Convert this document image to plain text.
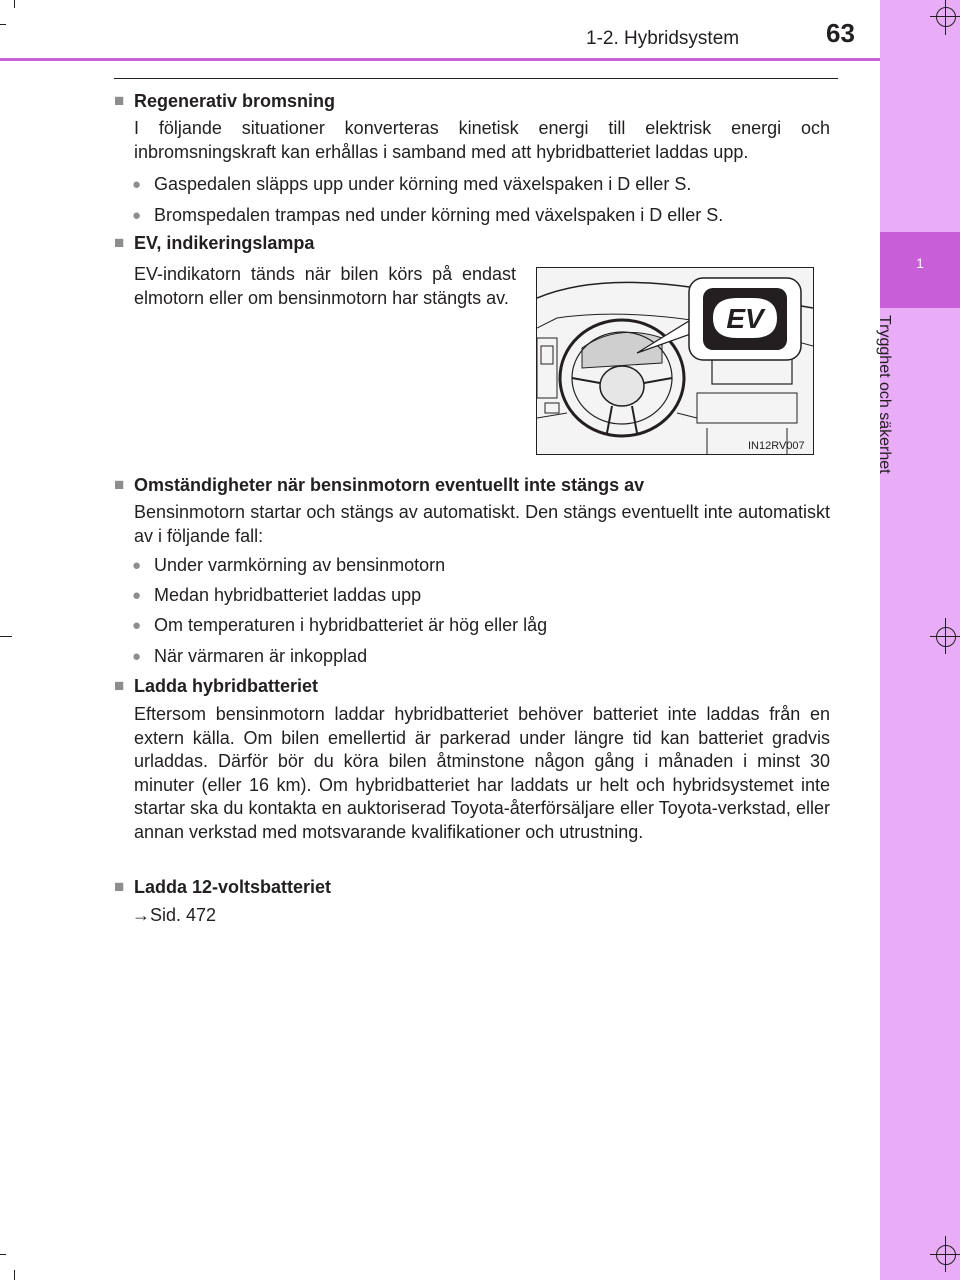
1
Trygghet och säkerhet
1-2. Hybridsystem	63
■ Regenerativ bromsning
I följande situationer konverteras kinetisk energi till elektrisk energi och inbromsningskraft kan erhållas i samband med att hybridbatteriet laddas upp.
● Gaspedalen släpps upp under körning med växelspaken i D eller S.
● Bromspedalen trampas ned under körning med växelspaken i D eller S.
■ EV, indikeringslampa
EV-indikatorn tänds när bilen körs på endast elmotorn eller om bensinmotorn har stängts av.
EV
IN12RV007
■ Omständigheter när bensinmotorn eventuellt inte stängs av
Bensinmotorn startar och stängs av automatiskt. Den stängs eventuellt inte automatiskt av i följande fall:
● Under varmkörning av bensinmotorn
● Medan hybridbatteriet laddas upp
● Om temperaturen i hybridbatteriet är hög eller låg
● När värmaren är inkopplad
■ Ladda hybridbatteriet
Eftersom bensinmotorn laddar hybridbatteriet behöver batteriet inte laddas från en extern källa. Om bilen emellertid är parkerad under längre tid kan batteriet gradvis urladdas. Därför bör du köra bilen åtminstone någon gång i månaden i minst 30 minuter (eller 16 km). Om hybridbatteriet har laddats ur helt och hybridsystemet inte startar ska du kontakta en auktoriserad Toyota-återförsäljare eller Toyota-verkstad, eller annan verkstad med motsvarande kvalifikationer och utrustning.
■ Ladda 12-voltsbatteriet
→Sid. 472
carmanualsonline.info
